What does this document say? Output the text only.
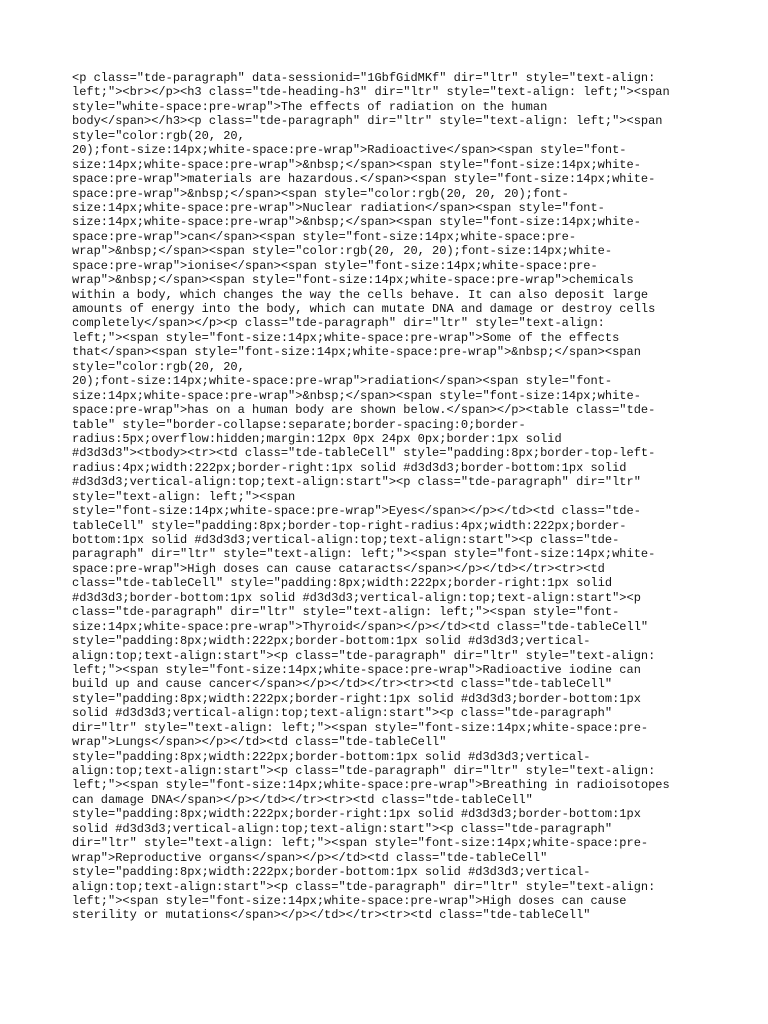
<p class="tde-paragraph" data-sessionid="1GbfGidMKf" dir="ltr" style="text-align:
left;"><br></p><h3 class="tde-heading-h3" dir="ltr" style="text-align: left;"><span
style="white-space:pre-wrap">The effects of radiation on the human
body</span></h3><p class="tde-paragraph" dir="ltr" style="text-align: left;"><span
style="color:rgb(20, 20,
20);font-size:14px;white-space:pre-wrap">Radioactive</span><span style="font-
size:14px;white-space:pre-wrap">&nbsp;</span><span style="font-size:14px;white-
space:pre-wrap">materials are hazardous.</span><span style="font-size:14px;white-
space:pre-wrap">&nbsp;</span><span style="color:rgb(20, 20, 20);font-
size:14px;white-space:pre-wrap">Nuclear radiation</span><span style="font-
size:14px;white-space:pre-wrap">&nbsp;</span><span style="font-size:14px;white-
space:pre-wrap">can</span><span style="font-size:14px;white-space:pre-
wrap">&nbsp;</span><span style="color:rgb(20, 20, 20);font-size:14px;white-
space:pre-wrap">ionise</span><span style="font-size:14px;white-space:pre-
wrap">&nbsp;</span><span style="font-size:14px;white-space:pre-wrap">chemicals
within a body, which changes the way the cells behave. It can also deposit large
amounts of energy into the body, which can mutate DNA and damage or destroy cells
completely</span></p><p class="tde-paragraph" dir="ltr" style="text-align:
left;"><span style="font-size:14px;white-space:pre-wrap">Some of the effects
that</span><span style="font-size:14px;white-space:pre-wrap">&nbsp;</span><span
style="color:rgb(20, 20,
20);font-size:14px;white-space:pre-wrap">radiation</span><span style="font-
size:14px;white-space:pre-wrap">&nbsp;</span><span style="font-size:14px;white-
space:pre-wrap">has on a human body are shown below.</span></p><table class="tde-
table" style="border-collapse:separate;border-spacing:0;border-
radius:5px;overflow:hidden;margin:12px 0px 24px 0px;border:1px solid
#d3d3d3"><tbody><tr><td class="tde-tableCell" style="padding:8px;border-top-left-
radius:4px;width:222px;border-right:1px solid #d3d3d3;border-bottom:1px solid
#d3d3d3;vertical-align:top;text-align:start"><p class="tde-paragraph" dir="ltr"
style="text-align: left;"><span
style="font-size:14px;white-space:pre-wrap">Eyes</span></p></td><td class="tde-
tableCell" style="padding:8px;border-top-right-radius:4px;width:222px;border-
bottom:1px solid #d3d3d3;vertical-align:top;text-align:start"><p class="tde-
paragraph" dir="ltr" style="text-align: left;"><span style="font-size:14px;white-
space:pre-wrap">High doses can cause cataracts</span></p></td></tr><tr><td
class="tde-tableCell" style="padding:8px;width:222px;border-right:1px solid
#d3d3d3;border-bottom:1px solid #d3d3d3;vertical-align:top;text-align:start"><p
class="tde-paragraph" dir="ltr" style="text-align: left;"><span style="font-
size:14px;white-space:pre-wrap">Thyroid</span></p></td><td class="tde-tableCell"
style="padding:8px;width:222px;border-bottom:1px solid #d3d3d3;vertical-
align:top;text-align:start"><p class="tde-paragraph" dir="ltr" style="text-align:
left;"><span style="font-size:14px;white-space:pre-wrap">Radioactive iodine can
build up and cause cancer</span></p></td></tr><tr><td class="tde-tableCell"
style="padding:8px;width:222px;border-right:1px solid #d3d3d3;border-bottom:1px
solid #d3d3d3;vertical-align:top;text-align:start"><p class="tde-paragraph"
dir="ltr" style="text-align: left;"><span style="font-size:14px;white-space:pre-
wrap">Lungs</span></p></td><td class="tde-tableCell"
style="padding:8px;width:222px;border-bottom:1px solid #d3d3d3;vertical-
align:top;text-align:start"><p class="tde-paragraph" dir="ltr" style="text-align:
left;"><span style="font-size:14px;white-space:pre-wrap">Breathing in radioisotopes
can damage DNA</span></p></td></tr><tr><td class="tde-tableCell"
style="padding:8px;width:222px;border-right:1px solid #d3d3d3;border-bottom:1px
solid #d3d3d3;vertical-align:top;text-align:start"><p class="tde-paragraph"
dir="ltr" style="text-align: left;"><span style="font-size:14px;white-space:pre-
wrap">Reproductive organs</span></p></td><td class="tde-tableCell"
style="padding:8px;width:222px;border-bottom:1px solid #d3d3d3;vertical-
align:top;text-align:start"><p class="tde-paragraph" dir="ltr" style="text-align:
left;"><span style="font-size:14px;white-space:pre-wrap">High doses can cause
sterility or mutations</span></p></td></tr><tr><td class="tde-tableCell"
